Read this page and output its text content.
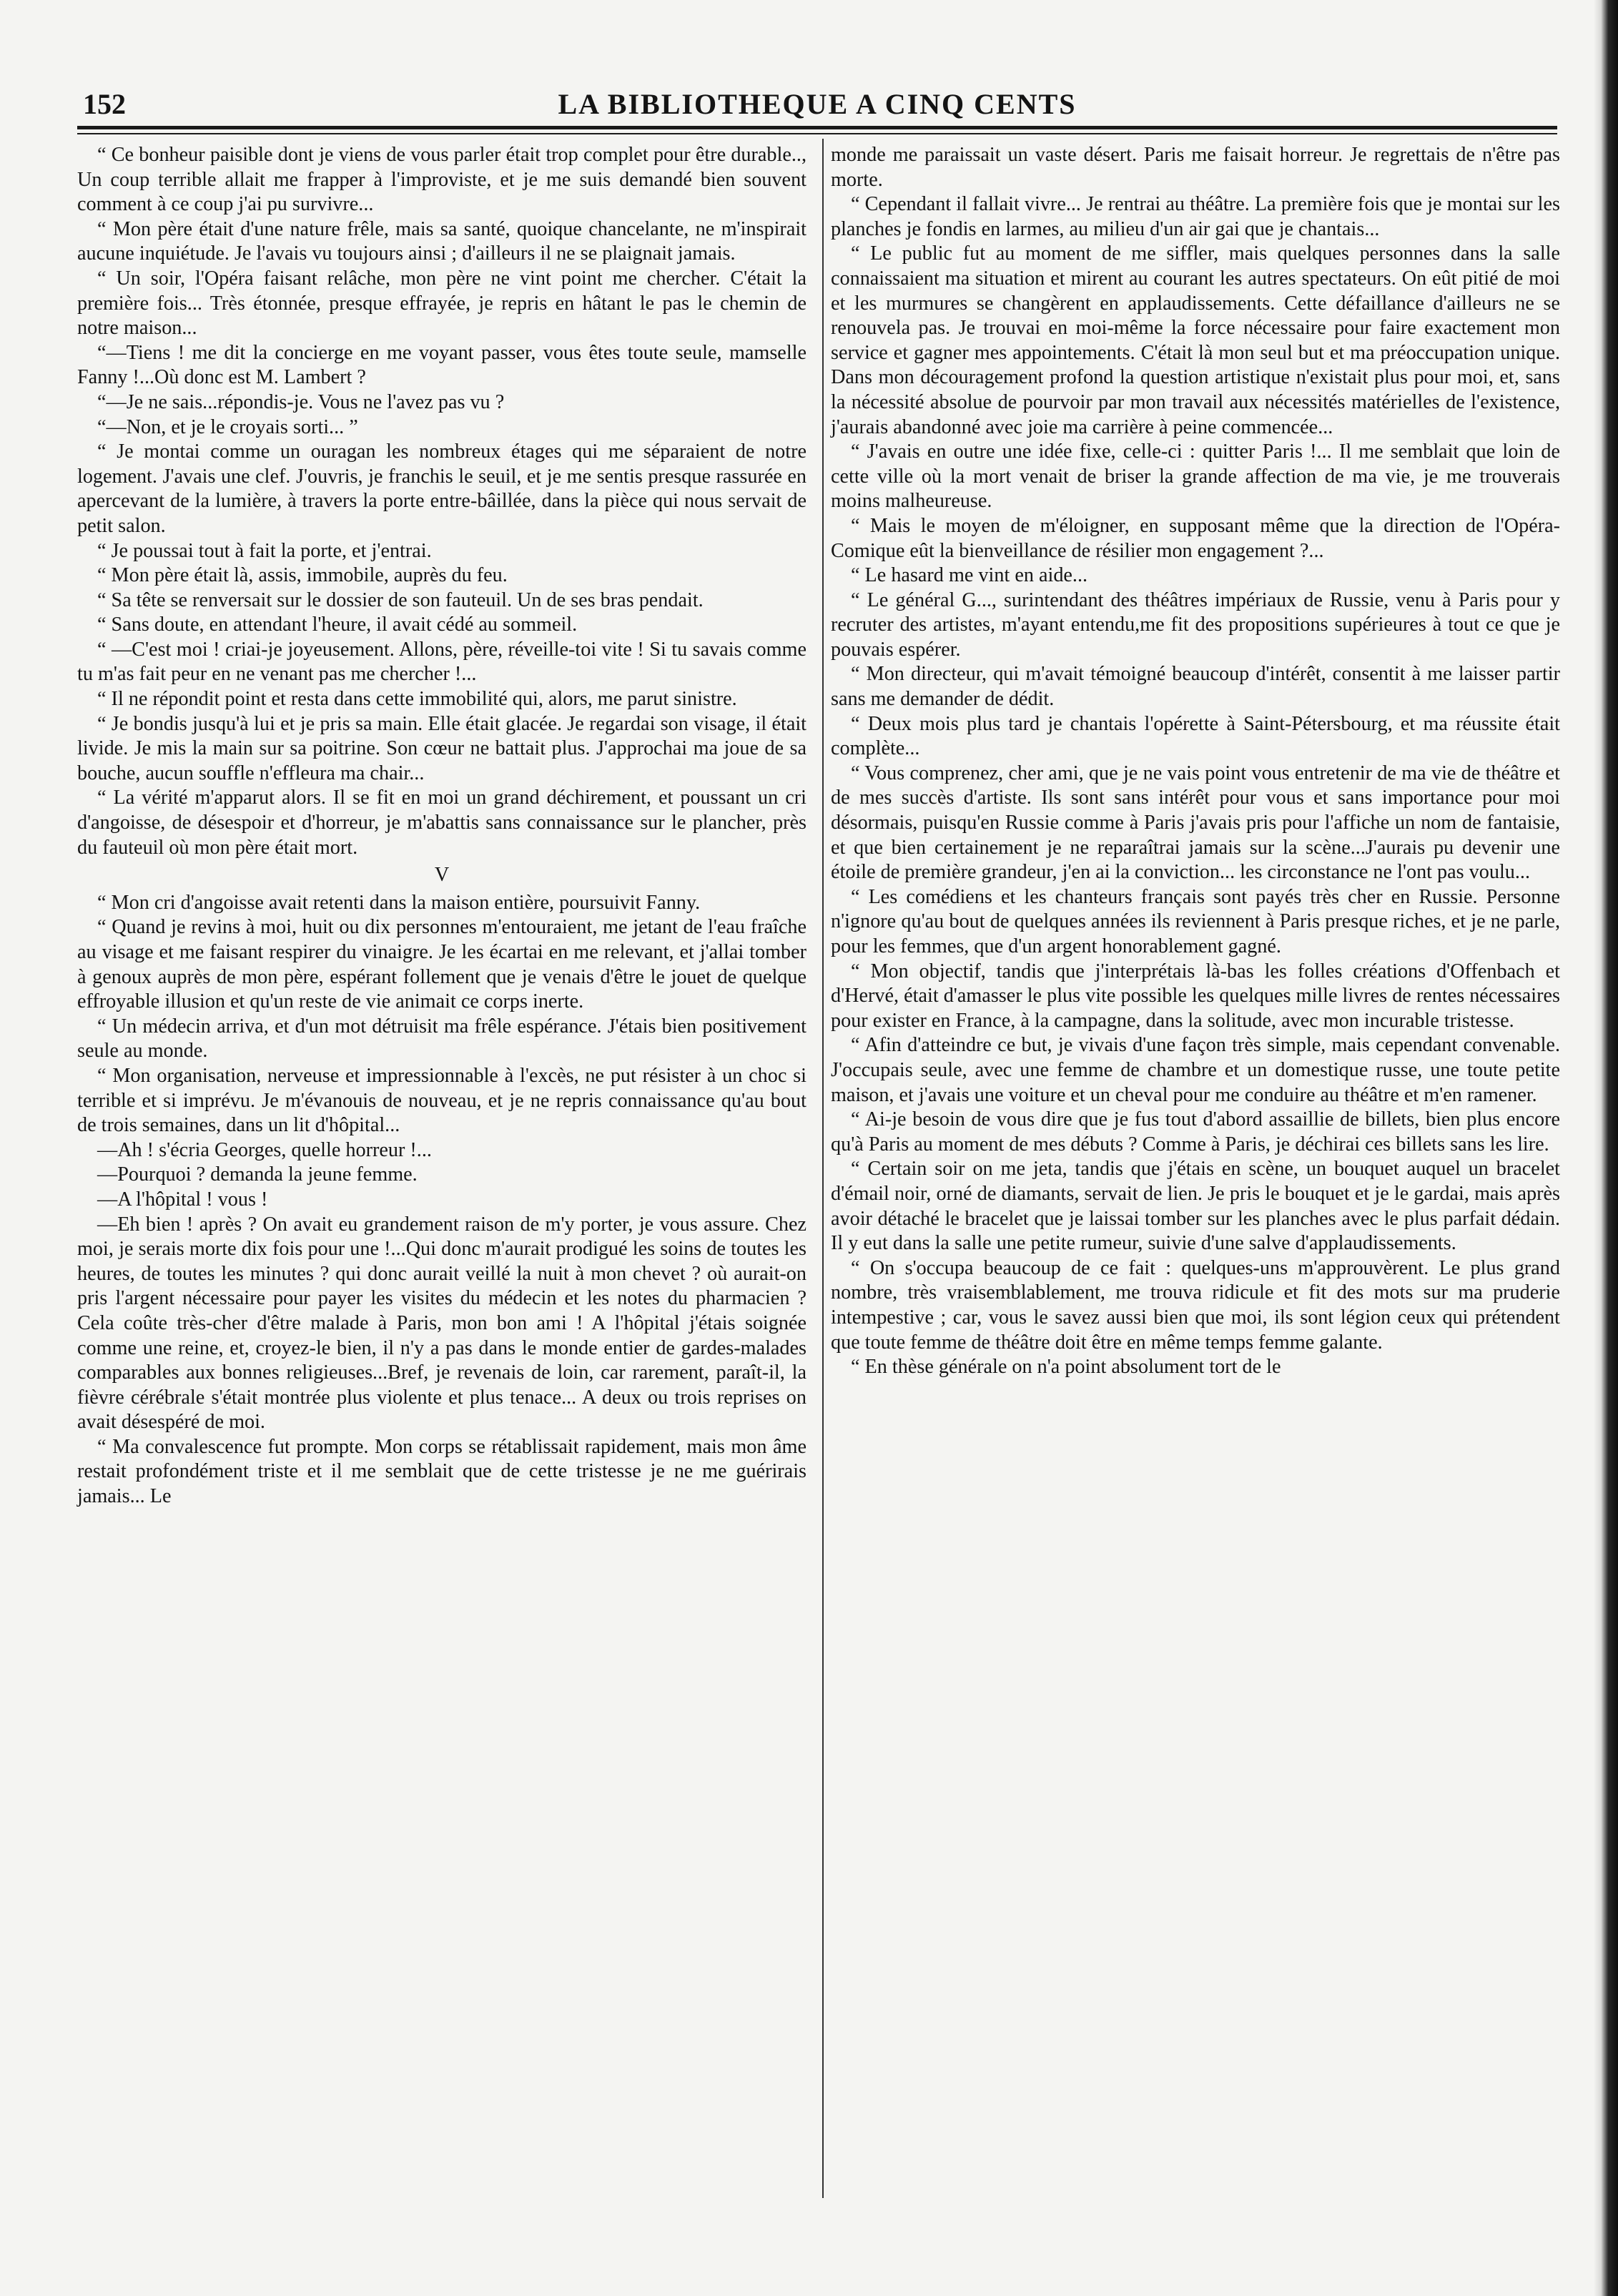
152	LA BIBLIOTHEQUE A CINQ CENTS

“ Ce bonheur paisible dont je viens de vous parler était trop complet pour être durable.., Un coup terrible allait me frapper à l'improviste, et je me suis demandé bien souvent comment à ce coup j'ai pu survivre...

“ Mon père était d'une nature frêle, mais sa santé, quoique chancelante, ne m'inspirait aucune inquiétude. Je l'avais vu toujours ainsi ; d'ailleurs il ne se plaignait jamais.

“ Un soir, l'Opéra faisant relâche, mon père ne vint point me chercher. C'était la première fois... Très étonnée, presque effrayée, je repris en hâtant le pas le chemin de notre maison...

“—Tiens ! me dit la concierge en me voyant passer, vous êtes toute seule, mamselle Fanny !...Où donc est M. Lambert ?

“—Je ne sais...répondis-je. Vous ne l'avez pas vu ?

“—Non, et je le croyais sorti... ”

“ Je montai comme un ouragan les nombreux étages qui me séparaient de notre logement. J'avais une clef. J'ouvris, je franchis le seuil, et je me sentis presque rassurée en apercevant de la lumière, à travers la porte entre-bâillée, dans la pièce qui nous servait de petit salon.

“ Je poussai tout à fait la porte, et j'entrai.

“ Mon père était là, assis, immobile, auprès du feu.

“ Sa tête se renversait sur le dossier de son fauteuil. Un de ses bras pendait.

“ Sans doute, en attendant l'heure, il avait cédé au sommeil.

“ —C'est moi ! criai-je joyeusement. Allons, père, réveille-toi vite ! Si tu savais comme tu m'as fait peur en ne venant pas me chercher !...

“ Il ne répondit point et resta dans cette immobilité qui, alors, me parut sinistre.

“ Je bondis jusqu'à lui et je pris sa main. Elle était glacée. Je regardai son visage, il était livide. Je mis la main sur sa poitrine. Son cœur ne battait plus. J'approchai ma joue de sa bouche, aucun souffle n'effleura ma chair...

“ La vérité m'apparut alors. Il se fit en moi un grand déchirement, et poussant un cri d'angoisse, de désespoir et d'horreur, je m'abattis sans connaissance sur le plancher, près du fauteuil où mon père était mort.

V

“ Mon cri d'angoisse avait retenti dans la maison entière, poursuivit Fanny.

“ Quand je revins à moi, huit ou dix personnes m'entouraient, me jetant de l'eau fraîche au visage et me faisant respirer du vinaigre. Je les écartai en me relevant, et j'allai tomber à genoux auprès de mon père, espérant follement que je venais d'être le jouet de quelque effroyable illusion et qu'un reste de vie animait ce corps inerte.

“ Un médecin arriva, et d'un mot détruisit ma frêle espérance. J'étais bien positivement seule au monde.

“ Mon organisation, nerveuse et impressionnable à l'excès, ne put résister à un choc si terrible et si imprévu. Je m'évanouis de nouveau, et je ne repris connaissance qu'au bout de trois semaines, dans un lit d'hôpital...

—Ah ! s'écria Georges, quelle horreur !...

—Pourquoi ? demanda la jeune femme.

—A l'hôpital ! vous !

—Eh bien ! après ? On avait eu grandement raison de m'y porter, je vous assure. Chez moi, je serais morte dix fois pour une !...Qui donc m'aurait prodigué les soins de toutes les heures, de toutes les minutes ? qui donc aurait veillé la nuit à mon chevet ? où aurait-on pris l'argent nécessaire pour payer les visites du médecin et les notes du pharmacien ? Cela coûte très-cher d'être malade à Paris, mon bon ami ! A l'hôpital j'étais soignée comme une reine, et, croyez-le bien, il n'y a pas dans le monde entier de gardes-malades comparables aux bonnes religieuses...Bref, je revenais de loin, car rarement, paraît-il, la fièvre cérébrale s'était montrée plus violente et plus tenace... A deux ou trois reprises on avait désespéré de moi.

“ Ma convalescence fut prompte. Mon corps se rétablissait rapidement, mais mon âme restait profondément triste et il me semblait que de cette tristesse je ne me guérirais jamais... Le

monde me paraissait un vaste désert. Paris me faisait horreur. Je regrettais de n'être pas morte.

“ Cependant il fallait vivre... Je rentrai au théâtre. La première fois que je montai sur les planches je fondis en larmes, au milieu d'un air gai que je chantais...

“ Le public fut au moment de me siffler, mais quelques personnes dans la salle connaissaient ma situation et mirent au courant les autres spectateurs. On eût pitié de moi et les murmures se changèrent en applaudissements. Cette défaillance d'ailleurs ne se renouvela pas. Je trouvai en moi-même la force nécessaire pour faire exactement mon service et gagner mes appointements. C'était là mon seul but et ma préoccupation unique. Dans mon découragement profond la question artistique n'existait plus pour moi, et, sans la nécessité absolue de pourvoir par mon travail aux nécessités matérielles de l'existence, j'aurais abandonné avec joie ma carrière à peine commencée...

“ J'avais en outre une idée fixe, celle-ci : quitter Paris !... Il me semblait que loin de cette ville où la mort venait de briser la grande affection de ma vie, je me trouverais moins malheureuse.

“ Mais le moyen de m'éloigner, en supposant même que la direction de l'Opéra-Comique eût la bienveillance de résilier mon engagement ?...

“ Le hasard me vint en aide...

“ Le général G..., surintendant des théâtres impériaux de Russie, venu à Paris pour y recruter des artistes, m'ayant entendu,me fit des propositions supérieures à tout ce que je pouvais espérer.

“ Mon directeur, qui m'avait témoigné beaucoup d'intérêt, consentit à me laisser partir sans me demander de dédit.

“ Deux mois plus tard je chantais l'opérette à Saint-Pétersbourg, et ma réussite était complète...

“ Vous comprenez, cher ami, que je ne vais point vous entretenir de ma vie de théâtre et de mes succès d'artiste. Ils sont sans intérêt pour vous et sans importance pour moi désormais, puisqu'en Russie comme à Paris j'avais pris pour l'affiche un nom de fantaisie, et que bien certainement je ne reparaîtrai jamais sur la scène...J'aurais pu devenir une étoile de première grandeur, j'en ai la conviction... les circonstance ne l'ont pas voulu...

“ Les comédiens et les chanteurs français sont payés très cher en Russie. Personne n'ignore qu'au bout de quelques années ils reviennent à Paris presque riches, et je ne parle, pour les femmes, que d'un argent honorablement gagné.

“ Mon objectif, tandis que j'interprétais là-bas les folles créations d'Offenbach et d'Hervé, était d'amasser le plus vite possible les quelques mille livres de rentes nécessaires pour exister en France, à la campagne, dans la solitude, avec mon incurable tristesse.

“ Afin d'atteindre ce but, je vivais d'une façon très simple, mais cependant convenable. J'occupais seule, avec une femme de chambre et un domestique russe, une toute petite maison, et j'avais une voiture et un cheval pour me conduire au théâtre et m'en ramener.

“ Ai-je besoin de vous dire que je fus tout d'abord assaillie de billets, bien plus encore qu'à Paris au moment de mes débuts ? Comme à Paris, je déchirai ces billets sans les lire.

“ Certain soir on me jeta, tandis que j'étais en scène, un bouquet auquel un bracelet d'émail noir, orné de diamants, servait de lien. Je pris le bouquet et je le gardai, mais après avoir détaché le bracelet que je laissai tomber sur les planches avec le plus parfait dédain. Il y eut dans la salle une petite rumeur, suivie d'une salve d'applaudissements.

“ On s'occupa beaucoup de ce fait : quelques-uns m'approuvèrent. Le plus grand nombre, très vraisemblablement, me trouva ridicule et fit des mots sur ma pruderie intempestive ; car, vous le savez aussi bien que moi, ils sont légion ceux qui prétendent que toute femme de théâtre doit être en même temps femme galante.

“ En thèse générale on n'a point absolument tort de le
